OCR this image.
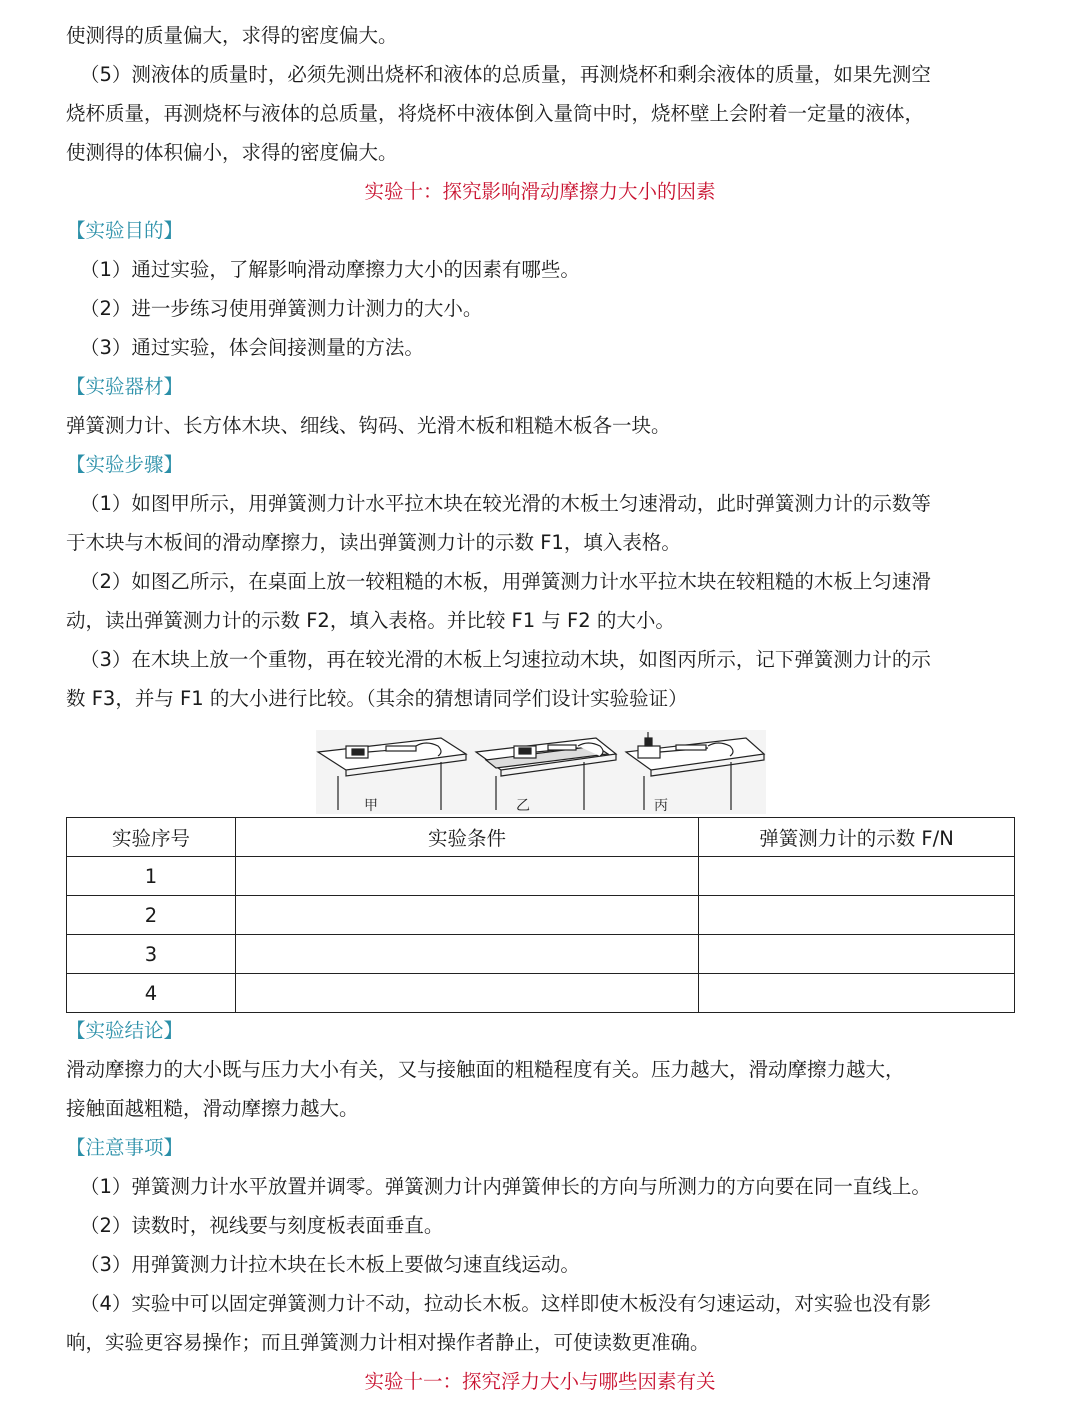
使测得的质量偏大，求得的密度偏大。

（5）测液体的质量时，必须先测出烧杯和液体的总质量，再测烧杯和剩余液体的质量，如果先测空

烧杯质量，再测烧杯与液体的总质量，将烧杯中液体倒入量筒中时，烧杯壁上会附着一定量的液体，

使测得的体积偏小，求得的密度偏大。

实验十：探究影响滑动摩擦力大小的因素

【实验目的】

（1）通过实验，了解影响滑动摩擦力大小的因素有哪些。

（2）进一步练习使用弹簧测力计测力的大小。

（3）通过实验，体会间接测量的方法。

【实验器材】

弹簧测力计、长方体木块、细线、钩码、光滑木板和粗糙木板各一块。

【实验步骤】

（1）如图甲所示，用弹簧测力计水平拉木块在较光滑的木板土匀速滑动，此时弹簧测力计的示数等

于木块与木板间的滑动摩擦力，读出弹簧测力计的示数 F1，填入表格。

（2）如图乙所示，在桌面上放一较粗糙的木板，用弹簧测力计水平拉木块在较粗糙的木板上匀速滑

动，读出弹簧测力计的示数 F2，填入表格。并比较 F1 与 F2 的大小。

（3）在木块上放一个重物，再在较光滑的木板上匀速拉动木块，如图丙所示，记下弹簧测力计的示

数 F3，并与 F1 的大小进行比较。（其余的猜想请同学们设计实验验证）

甲	乙	丙
实验序号	实验条件	弹簧测力计的示数 F/N
1		
2		
3		
4		

【实验结论】

滑动摩擦力的大小既与压力大小有关，又与接触面的粗糙程度有关。压力越大，滑动摩擦力越大，

接触面越粗糙，滑动摩擦力越大。

【注意事项】

（1）弹簧测力计水平放置并调零。弹簧测力计内弹簧伸长的方向与所测力的方向要在同一直线上。

（2）读数时，视线要与刻度板表面垂直。

（3）用弹簧测力计拉木块在长木板上要做匀速直线运动。

（4）实验中可以固定弹簧测力计不动，拉动长木板。这样即使木板没有匀速运动，对实验也没有影

响，实验更容易操作；而且弹簧测力计相对操作者静止，可使读数更准确。

实验十一：探究浮力大小与哪些因素有关
